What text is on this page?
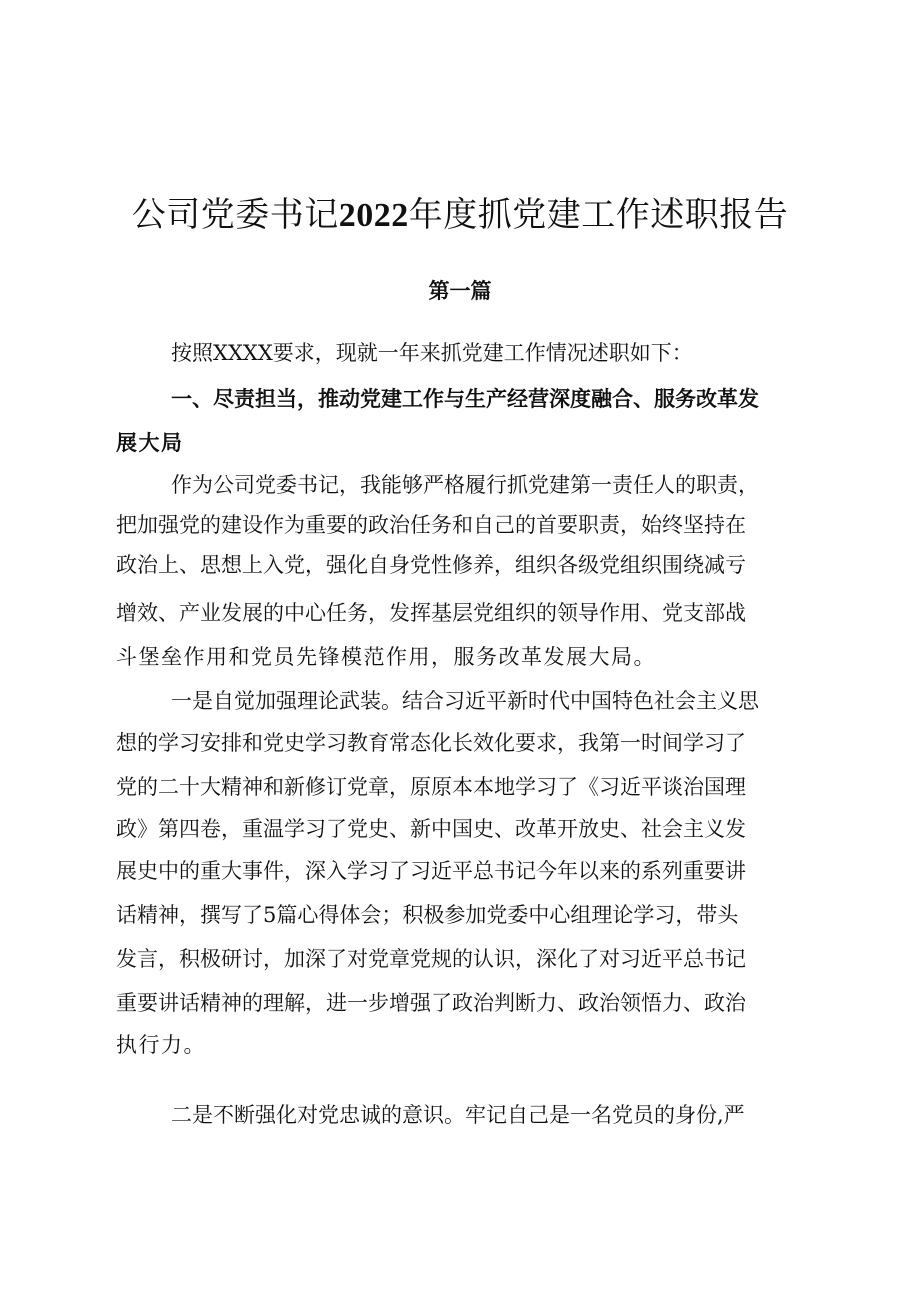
公司党委书记2022年度抓党建工作述职报告
第一篇

按照XXXX要求，现就一年来抓党建工作情况述职如下：

一、尽责担当，推动党建工作与生产经营深度融合、服务改革发

展大局

作为公司党委书记，我能够严格履行抓党建第一责任人的职责，

把加强党的建设作为重要的政治任务和自己的首要职责，始终坚持在

政治上、思想上入党，强化自身党性修养，组织各级党组织围绕减亏

增效、产业发展的中心任务，发挥基层党组织的领导作用、党支部战

斗堡垒作用和党员先锋模范作用，服务改革发展大局。

一是自觉加强理论武装。结合习近平新时代中国特色社会主义思

想的学习安排和党史学习教育常态化长效化要求，我第一时间学习了

党的二十大精神和新修订党章，原原本本地学习了《习近平谈治国理

政》第四卷，重温学习了党史、新中国史、改革开放史、社会主义发

展史中的重大事件，深入学习了习近平总书记今年以来的系列重要讲

话精神，撰写了5篇心得体会；积极参加党委中心组理论学习，带头

发言，积极研讨，加深了对党章党规的认识，深化了对习近平总书记

重要讲话精神的理解，进一步增强了政治判断力、政治领悟力、政治

执行力。

二是不断强化对党忠诚的意识。牢记自己是一名党员的身份,严
